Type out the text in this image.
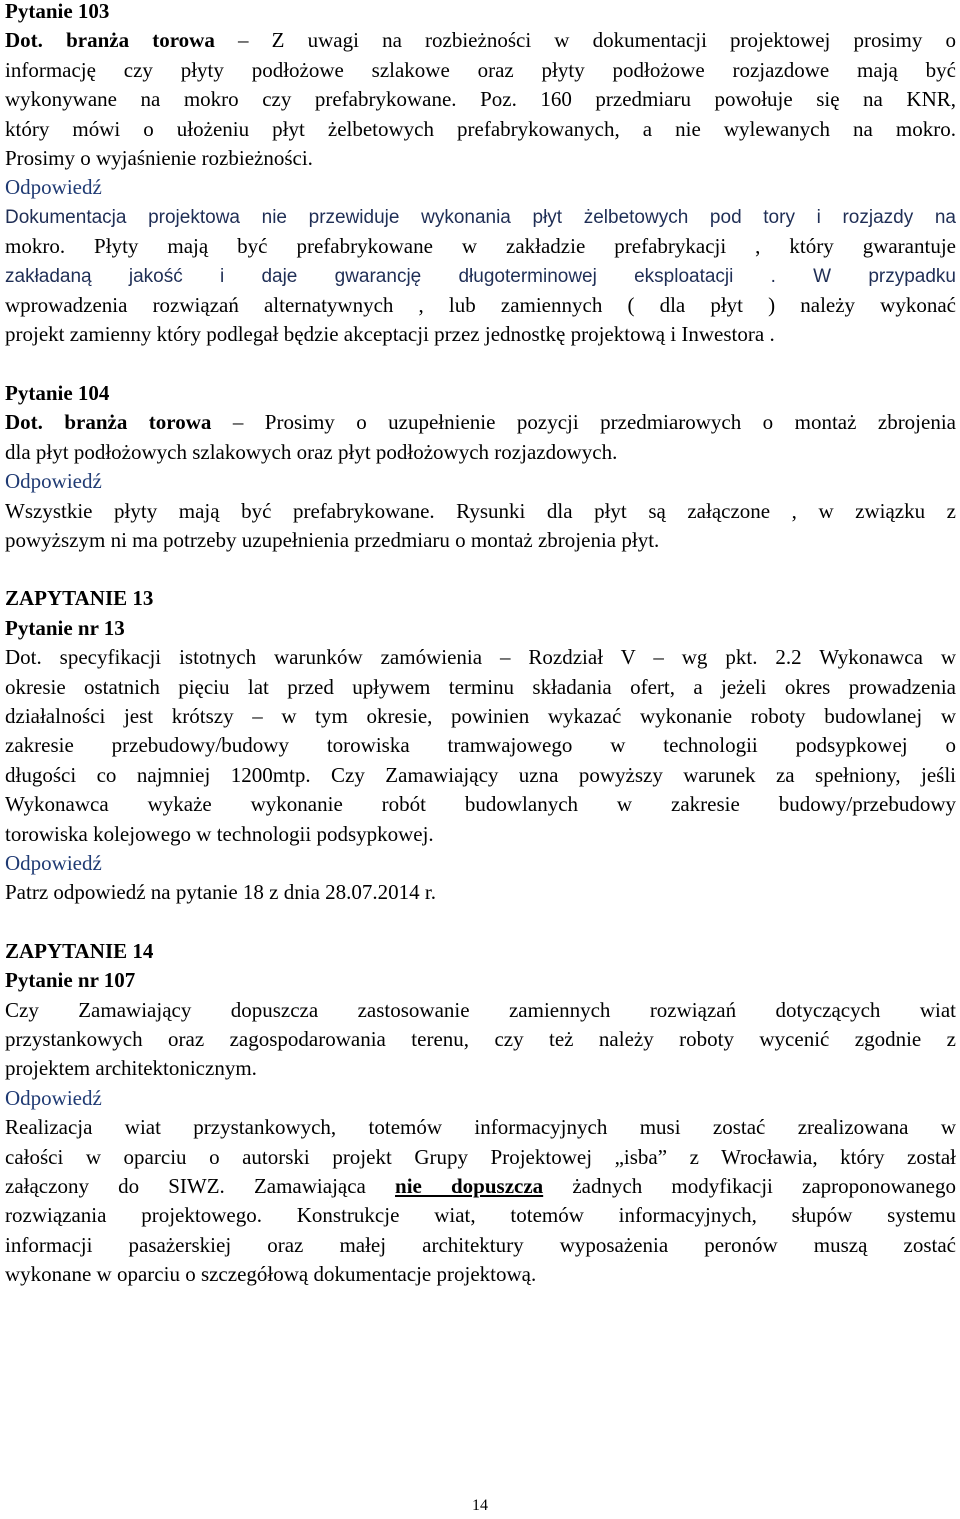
Pytanie 103
Dot. branża torowa – Z uwagi na rozbieżności w dokumentacji projektowej prosimy o
informację czy płyty podłożowe szlakowe oraz płyty podłożowe rozjazdowe mają być
wykonywane na mokro czy prefabrykowane. Poz. 160 przedmiaru powołuje się na KNR,
który mówi o ułożeniu płyt żelbetowych prefabrykowanych, a nie wylewanych na mokro.
Prosimy o wyjaśnienie rozbieżności.
Odpowiedź
Dokumentacja projektowa nie przewiduje wykonania płyt żelbetowych pod tory i rozjazdy na
mokro. Płyty mają być prefabrykowane w zakładzie prefabrykacji , który gwarantuje
zakładaną jakość i daje gwarancję długoterminowej eksploatacji . W przypadku
wprowadzenia rozwiązań alternatywnych , lub zamiennych ( dla płyt ) należy wykonać
projekt zamienny który podlegał będzie akceptacji przez jednostkę projektową i Inwestora .
Pytanie 104
Dot. branża torowa – Prosimy o uzupełnienie pozycji przedmiarowych o montaż zbrojenia
dla płyt podłożowych szlakowych oraz płyt podłożowych rozjazdowych.
Odpowiedź
Wszystkie płyty mają być prefabrykowane. Rysunki dla płyt są załączone , w związku z
powyższym ni ma potrzeby uzupełnienia przedmiaru o montaż zbrojenia płyt.
ZAPYTANIE 13
Pytanie nr 13
Dot. specyfikacji istotnych warunków zamówienia – Rozdział V – wg pkt. 2.2 Wykonawca w
okresie ostatnich pięciu lat przed upływem terminu składania ofert, a jeżeli okres prowadzenia
działalności jest krótszy – w tym okresie, powinien wykazać wykonanie roboty budowlanej w
zakresie przebudowy/budowy torowiska tramwajowego w technologii podsypkowej o
długości co najmniej 1200mtp. Czy Zamawiający uzna powyższy warunek za spełniony, jeśli
Wykonawca wykaże wykonanie robót budowlanych w zakresie budowy/przebudowy
torowiska kolejowego w technologii podsypkowej.
Odpowiedź
Patrz odpowiedź na pytanie 18 z dnia 28.07.2014 r.
ZAPYTANIE 14
Pytanie nr 107
Czy Zamawiający dopuszcza zastosowanie zamiennych rozwiązań dotyczących wiat
przystankowych oraz zagospodarowania terenu, czy też należy roboty wycenić zgodnie z
projektem architektonicznym.
Odpowiedź
Realizacja wiat przystankowych, totemów informacyjnych musi zostać zrealizowana w
całości w oparciu o autorski projekt Grupy Projektowej „isba” z Wrocławia, który został
załączony do SIWZ. Zamawiająca nie dopuszcza żadnych modyfikacji zaproponowanego
rozwiązania projektowego. Konstrukcje wiat, totemów informacyjnych, słupów systemu
informacji pasażerskiej oraz małej architektury wyposażenia peronów muszą zostać
wykonane w oparciu o szczegółową dokumentacje projektową.
14
